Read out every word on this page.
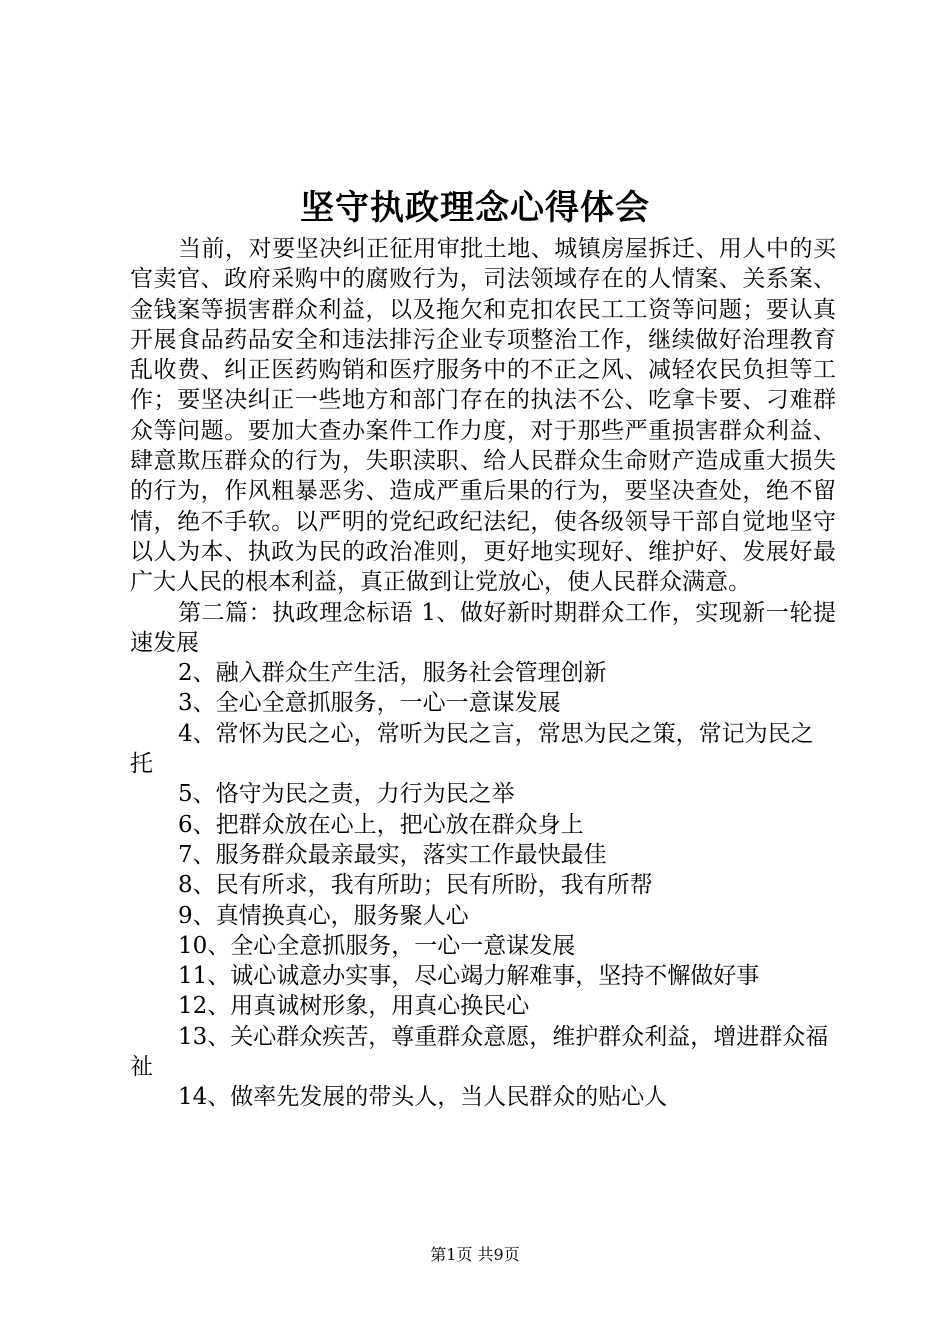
坚守执政理念心得体会

当前，对要坚决纠正征用审批土地、城镇房屋拆迁、用人中的买官卖官、政府采购中的腐败行为，司法领域存在的人情案、关系案、金钱案等损害群众利益，以及拖欠和克扣农民工工资等问题；要认真开展食品药品安全和违法排污企业专项整治工作，继续做好治理教育乱收费、纠正医药购销和医疗服务中的不正之风、减轻农民负担等工作；要坚决纠正一些地方和部门存在的执法不公、吃拿卡要、刁难群众等问题。要加大查办案件工作力度，对于那些严重损害群众利益、肆意欺压群众的行为，失职渎职、给人民群众生命财产造成重大损失的行为，作风粗暴恶劣、造成严重后果的行为，要坚决查处，绝不留情，绝不手软。以严明的党纪政纪法纪，使各级领导干部自觉地坚守以人为本、执政为民的政治准则，更好地实现好、维护好、发展好最广大人民的根本利益，真正做到让党放心，使人民群众满意。

第二篇：执政理念标语 1、做好新时期群众工作，实现新一轮提速发展

2、融入群众生产生活，服务社会管理创新

3、全心全意抓服务，一心一意谋发展

4、常怀为民之心，常听为民之言，常思为民之策，常记为民之托

5、恪守为民之责，力行为民之举

6、把群众放在心上，把心放在群众身上

7、服务群众最亲最实，落实工作最快最佳

8、民有所求，我有所助；民有所盼，我有所帮

9、真情换真心，服务聚人心

10、全心全意抓服务，一心一意谋发展

11、诚心诚意办实事，尽心竭力解难事，坚持不懈做好事

12、用真诚树形象，用真心换民心

13、关心群众疾苦，尊重群众意愿，维护群众利益，增进群众福祉

14、做率先发展的带头人，当人民群众的贴心人

第1页 共9页
